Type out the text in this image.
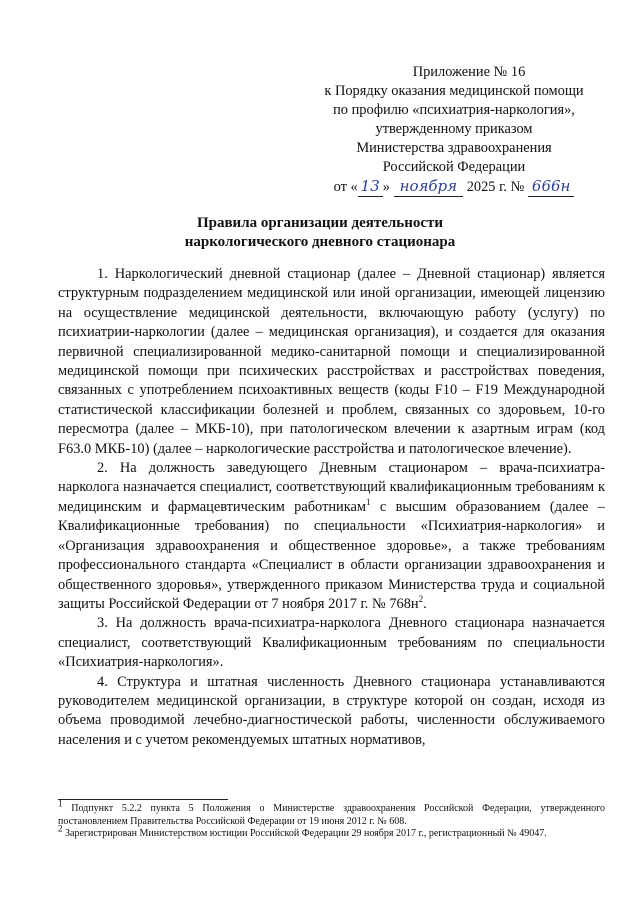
Приложение № 16
к Порядку оказания медицинской помощи
по профилю «психиатрия-наркология»,
утвержденному приказом
Министерства здравоохранения
Российской Федерации
от « 13 » ноября 2025 г. № 666н
Правила организации деятельности
наркологического дневного стационара

1. Наркологический дневной стационар (далее – Дневной стационар) является структурным подразделением медицинской или иной организации, имеющей лицензию на осуществление медицинской деятельности, включающую работу (услугу) по психиатрии-наркологии (далее – медицинская организация), и создается для оказания первичной специализированной медико-санитарной помощи и специализированной медицинской помощи при психических расстройствах и расстройствах поведения, связанных с употреблением психоактивных веществ (коды F10 – F19 Международной статистической классификации болезней и проблем, связанных со здоровьем, 10-го пересмотра (далее – МКБ-10), при патологическом влечении к азартным играм (код F63.0 МКБ-10) (далее – наркологические расстройства и патологическое влечение).

2. На должность заведующего Дневным стационаром – врача-психиатра-нарколога назначается специалист, соответствующий квалификационным требованиям к медицинским и фармацевтическим работникам$^1$ с высшим образованием (далее – Квалификационные требования) по специальности «Психиатрия-наркология» и «Организация здравоохранения и общественное здоровье», а также требованиям профессионального стандарта «Специалист в области организации здравоохранения и общественного здоровья», утвержденного приказом Министерства труда и социальной защиты Российской Федерации от 7 ноября 2017 г. № $768н^2$.

3. На должность врача-психиатра-нарколога Дневного стационара назначается специалист, соответствующий Квалификационным требованиям по специальности «Психиатрия-наркология».

4. Структура и штатная численность Дневного стационара устанавливаются руководителем медицинской организации, в структуре которой он создан, исходя из объема проводимой лечебно-диагностической работы, численности обслуживаемого населения и с учетом рекомендуемых штатных нормативов,

$^1$ Подпункт 5.2.2 пункта 5 Положения о Министерстве здравоохранения Российской Федерации, утвержденного постановлением Правительства Российской Федерации от 19 июня 2012 г. № 608.

$^2$ Зарегистрирован Министерством юстиции Российской Федерации 29 ноября 2017 г., регистрационный № 49047.
